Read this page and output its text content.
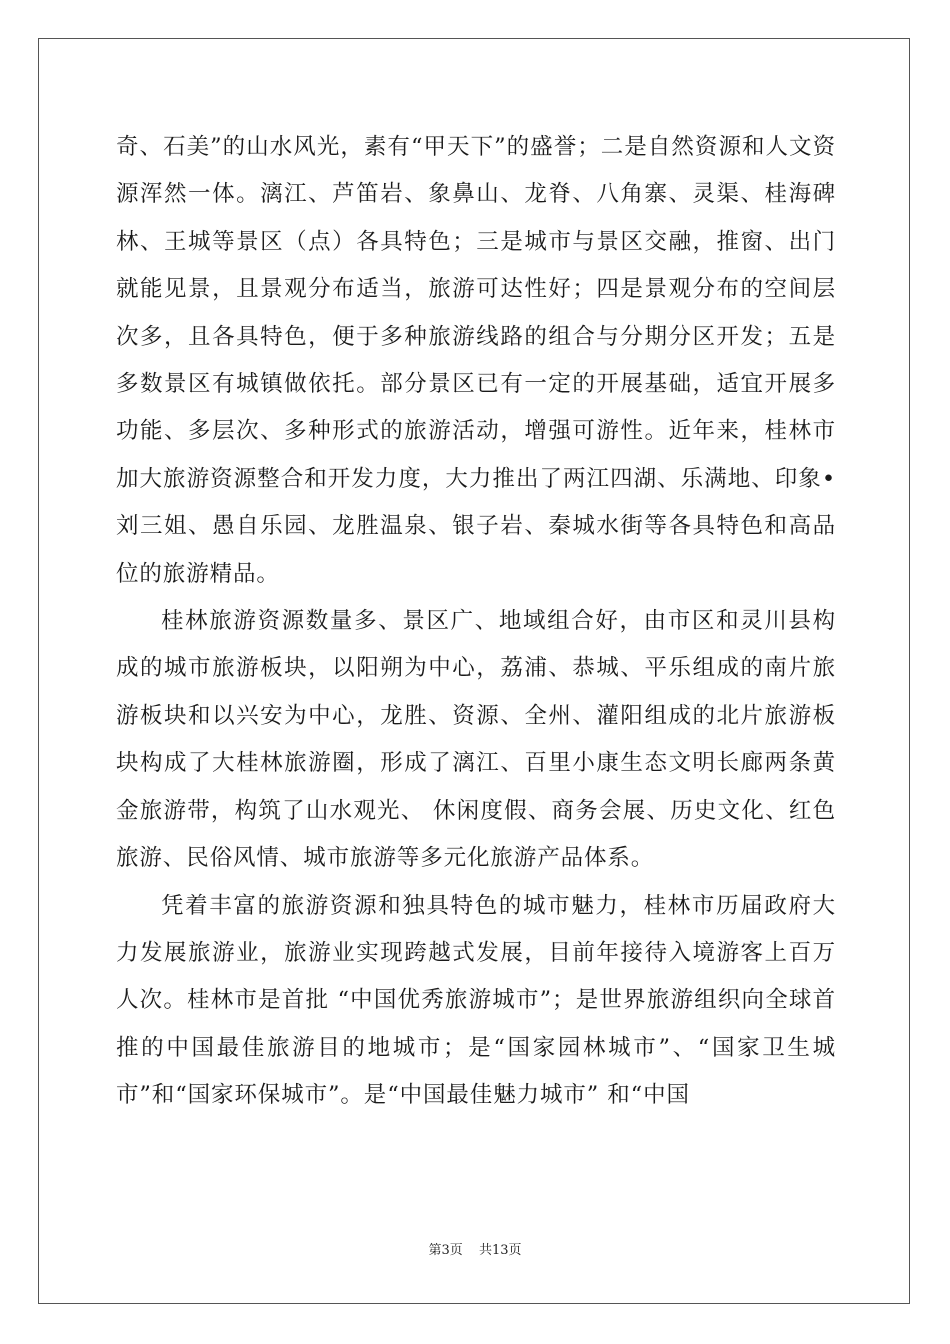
奇、石美”的山水风光，素有“甲天下”的盛誉；二是自然资源和人文资源浑然一体。漓江、芦笛岩、象鼻山、龙脊、八角寨、灵渠、桂海碑林、王城等景区（点）各具特色；三是城市与景区交融，推窗、出门就能见景，且景观分布适当，旅游可达性好；四是景观分布的空间层次多，且各具特色，便于多种旅游线路的组合与分期分区开发；五是多数景区有城镇做依托。部分景区已有一定的开展基础，适宜开展多功能、多层次、多种形式的旅游活动，增强可游性。近年来，桂林市加大旅游资源整合和开发力度，大力推出了两江四湖、乐满地、印象•刘三姐、愚自乐园、龙胜温泉、银子岩、秦城水街等各具特色和高品位的旅游精品。

桂林旅游资源数量多、景区广、地域组合好，由市区和灵川县构成的城市旅游板块，以阳朔为中心，荔浦、恭城、平乐组成的南片旅游板块和以兴安为中心，龙胜、资源、全州、灌阳组成的北片旅游板块构成了大桂林旅游圈，形成了漓江、百里小康生态文明长廊两条黄金旅游带，构筑了山水观光、 休闲度假、商务会展、历史文化、红色旅游、民俗风情、城市旅游等多元化旅游产品体系。

凭着丰富的旅游资源和独具特色的城市魅力，桂林市历届政府大力发展旅游业，旅游业实现跨越式发展，目前年接待入境游客上百万人次。桂林市是首批 “中国优秀旅游城市”；是世界旅游组织向全球首推的中国最佳旅游目的地城市；是“国家园林城市”、“国家卫生城市”和“国家环保城市”。是“中国最佳魅力城市” 和“中国

第3页 共13页
